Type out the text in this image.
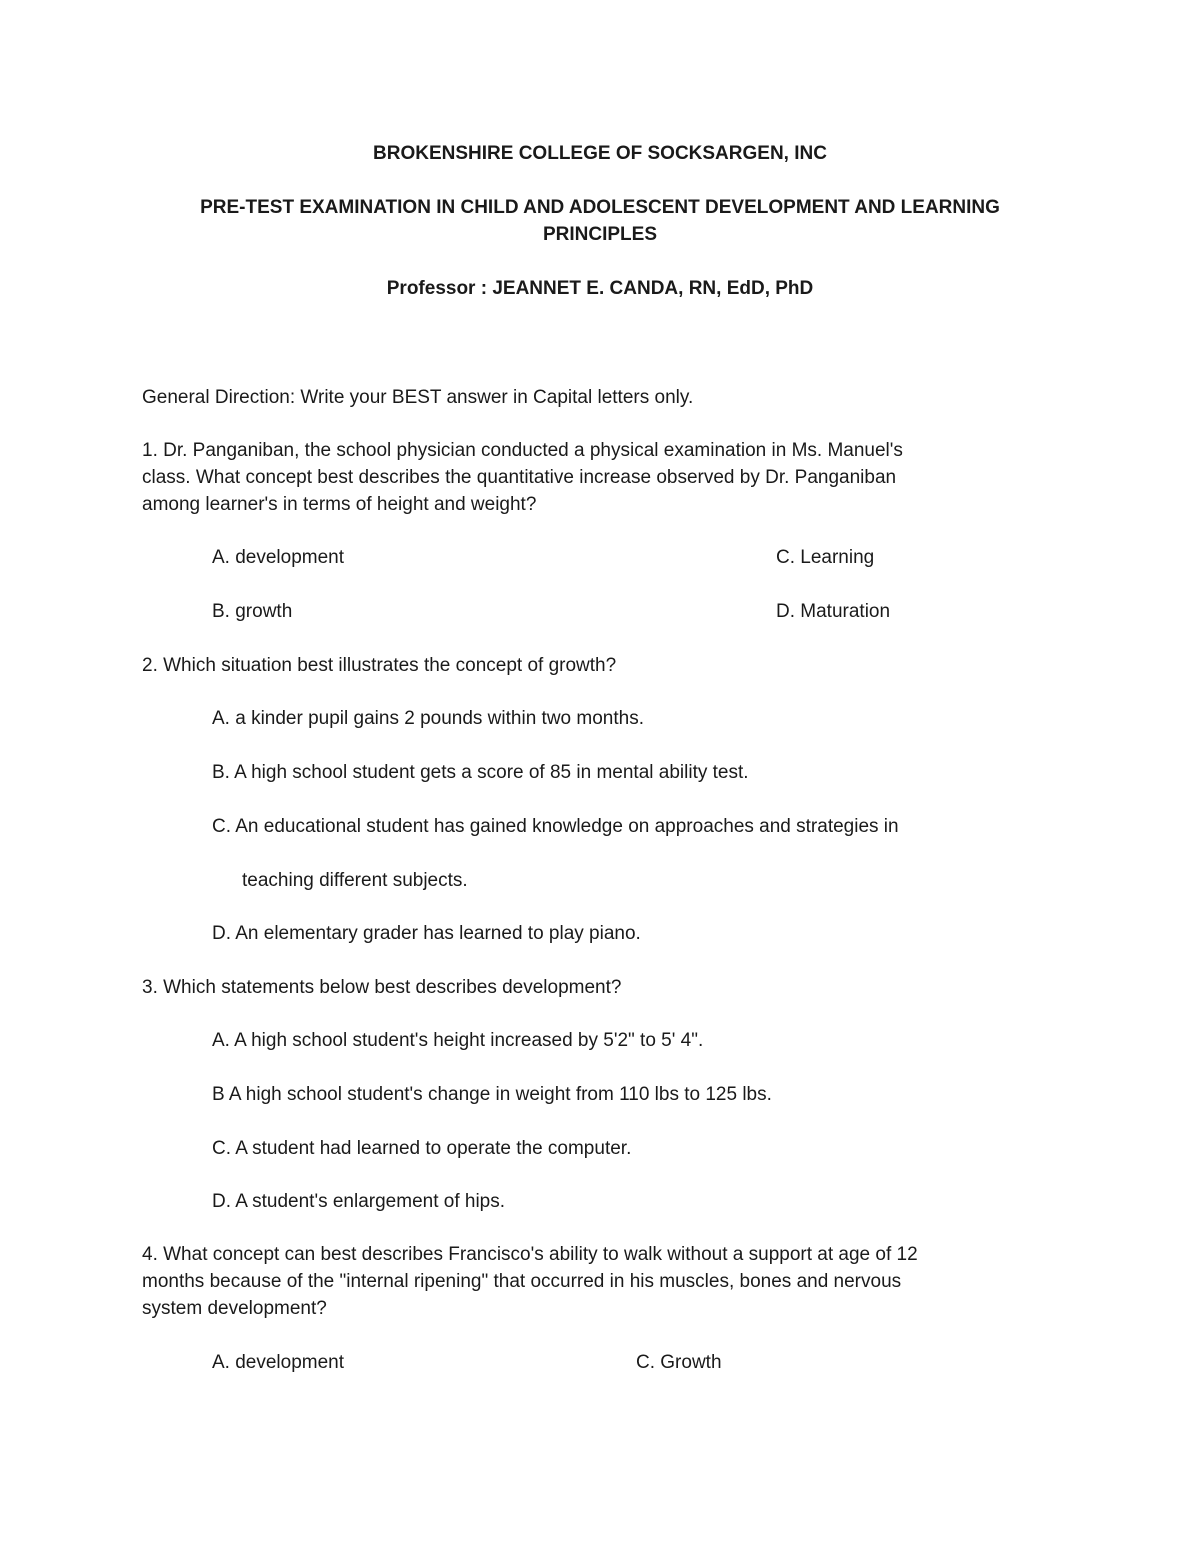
BROKENSHIRE COLLEGE OF SOCKSARGEN, INC
PRE-TEST EXAMINATION IN CHILD AND ADOLESCENT DEVELOPMENT AND LEARNING
PRINCIPLES
Professor : JEANNET E. CANDA, RN, EdD, PhD
General Direction: Write your BEST answer in Capital letters only.
1. Dr. Panganiban, the school physician conducted a physical examination in Ms. Manuel's
class. What concept best describes the quantitative increase observed by Dr. Panganiban
among learner's in terms of height and weight?
A. development	C. Learning
B. growth	D. Maturation
2. Which situation best illustrates the concept of growth?
A. a kinder pupil gains 2 pounds within two months.
B. A high school student gets a score of 85 in mental ability test.
C. An educational student has gained knowledge on approaches and strategies in
teaching different subjects.
D. An elementary grader has learned to play piano.
3. Which statements below best describes development?
A. A high school student's height increased by 5'2" to 5' 4".
B A high school student's change in weight from 110 lbs to 125 lbs.
C. A student had learned to operate the computer.
D. A student's enlargement of hips.
4. What concept can best describes Francisco's ability to walk without a support at age of 12
months because of the "internal ripening" that occurred in his muscles, bones and nervous
system development?
A. development	C. Growth
